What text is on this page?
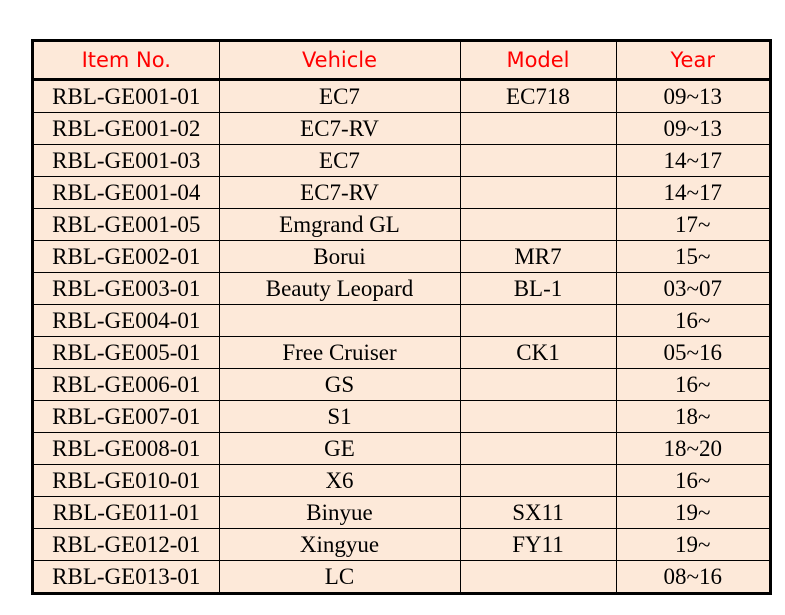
Item No.	Vehicle	Model	Year
RBL-GE001-01	EC7	EC718	09~13
RBL-GE001-02	EC7-RV		09~13
RBL-GE001-03	EC7		14~17
RBL-GE001-04	EC7-RV		14~17
RBL-GE001-05	Emgrand GL		17~
RBL-GE002-01	Borui	MR7	15~
RBL-GE003-01	Beauty Leopard	BL-1	03~07
RBL-GE004-01			16~
RBL-GE005-01	Free Cruiser	CK1	05~16
RBL-GE006-01	GS		16~
RBL-GE007-01	S1		18~
RBL-GE008-01	GE		18~20
RBL-GE010-01	X6		16~
RBL-GE011-01	Binyue	SX11	19~
RBL-GE012-01	Xingyue	FY11	19~
RBL-GE013-01	LC		08~16
